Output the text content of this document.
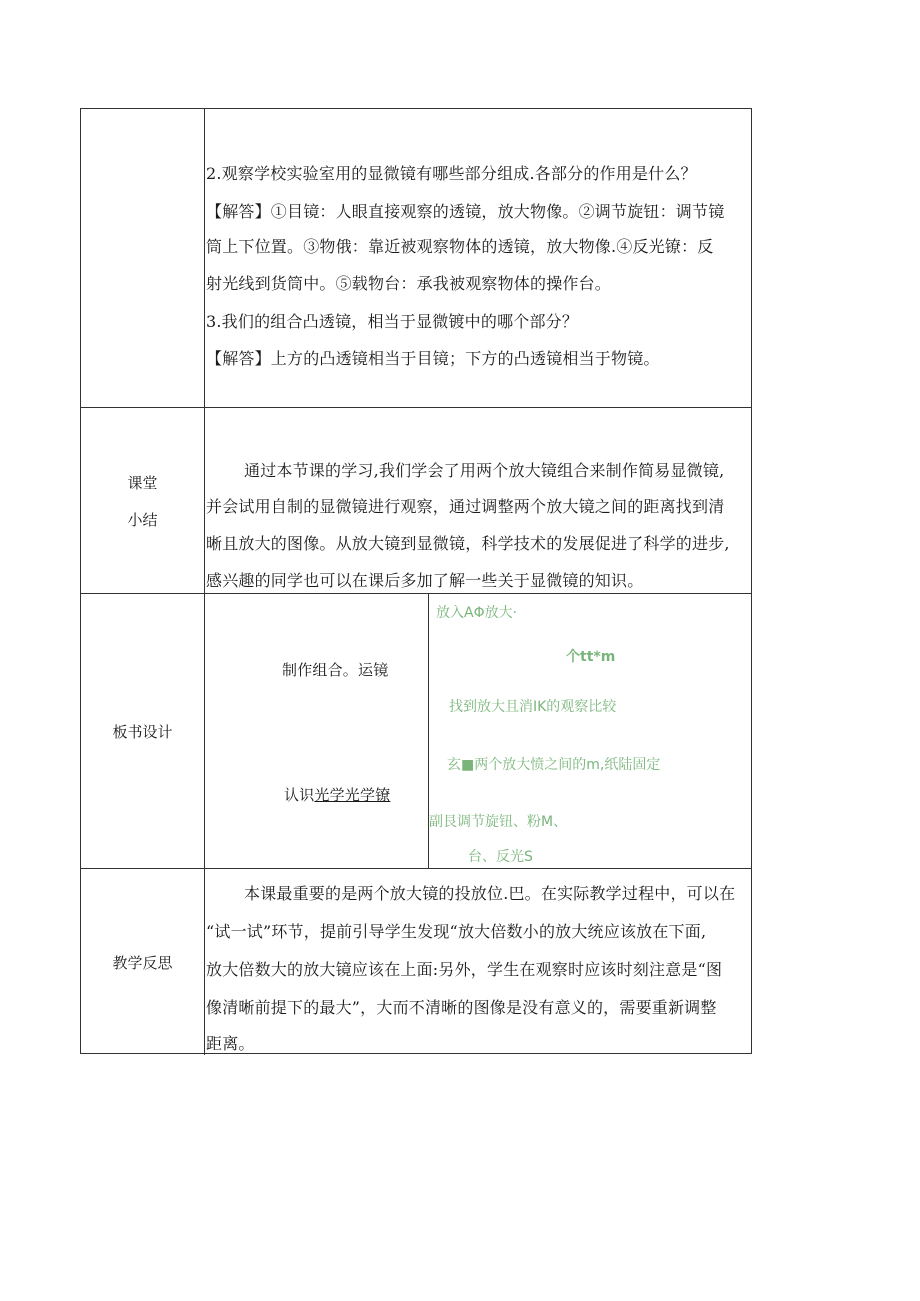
2.观察学校实验室用的显微镜有哪些部分组成.各部分的作用是什么？
【解答】①目镜：人眼直接观察的透镜，放大物像。②调节旋钮：调节镜
筒上下位置。③物俄：靠近被观察物体的透镜，放大物像.④反光镣：反
射光线到货筒中。⑤载物台：承我被观察物体的操作台。
3.我们的组合凸透镜，相当于显微镀中的哪个部分？
【解答】上方的凸透镜相当于目镜；下方的凸透镜相当于物镜。
课堂
小结
通过本节课的学习,我们学会了用两个放大镜组合来制作简易显微镜,
并会试用自制的显微镜进行观察，通过调整两个放大镜之间的距离找到清
晰且放大的图像。从放大镜到显微镜，科学技术的发展促进了科学的进步,
感兴趣的同学也可以在课后多加了解一些关于显微镜的知识。
板书设计
制作组合。运镜
认识光学光学镣
放入AΦ放大·
个tt*m
找到放大且消IK的观察比较
玄■两个放大愤之间的m,纸陆固定
副艮调节旋钮、粉M、
台、反光S
教学反思
本课最重要的是两个放大镜的投放位.巴。在实际教学过程中，可以在
“试一试”环节，提前引导学生发现“放大倍数小的放大统应该放在下面,
放大倍数大的放大镜应该在上面:另外，学生在观察时应该时刻注意是“图
像清晰前提下的最大”，大而不清晰的图像是没有意义的，需要重新调整
距离。
